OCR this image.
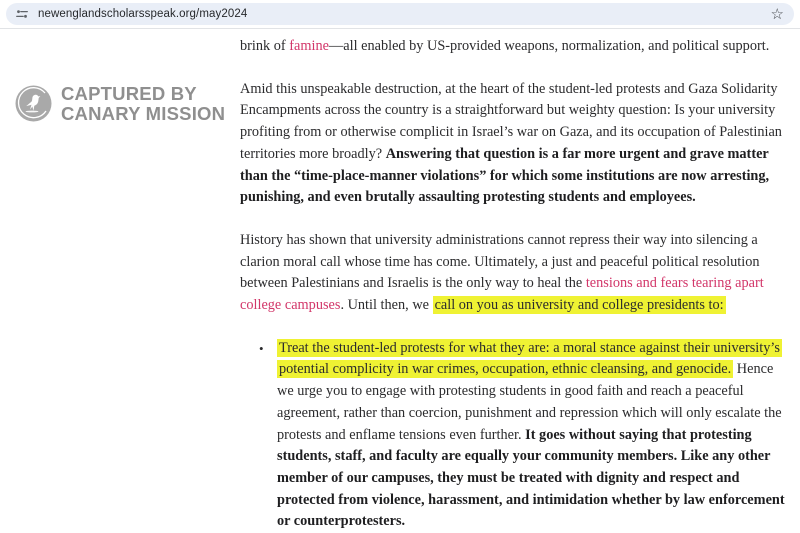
newenglandscholarsspeak.org/may2024	☆
CAPTURED BY
CANARY MISSION

brink of famine—all enabled by US-provided weapons, normalization, and political support.

Amid this unspeakable destruction, at the heart of the student-led protests and Gaza Solidarity Encampments across the country is a straightforward but weighty question: Is your university profiting from or otherwise complicit in Israel’s war on Gaza, and its occupation of Palestinian territories more broadly? Answering that question is a far more urgent and grave matter than the “time-place-manner violations” for which some institutions are now arresting, punishing, and even brutally assaulting protesting students and employees.

History has shown that university administrations cannot repress their way into silencing a clarion moral call whose time has come. Ultimately, a just and peaceful political resolution between Palestinians and Israelis is the only way to heal the tensions and fears tearing apart college campuses. Until then, we call on you as university and college presidents to:

• Treat the student-led protests for what they are: a moral stance against their university’s potential complicity in war crimes, occupation, ethnic cleansing, and genocide. Hence we urge you to engage with protesting students in good faith and reach a peaceful agreement, rather than coercion, punishment and repression which will only escalate the protests and enflame tensions even further. It goes without saying that protesting students, staff, and faculty are equally your community members. Like any other member of our campuses, they must be treated with dignity and respect and protected from violence, harassment, and intimidation whether by law enforcement or counterprotesters.
